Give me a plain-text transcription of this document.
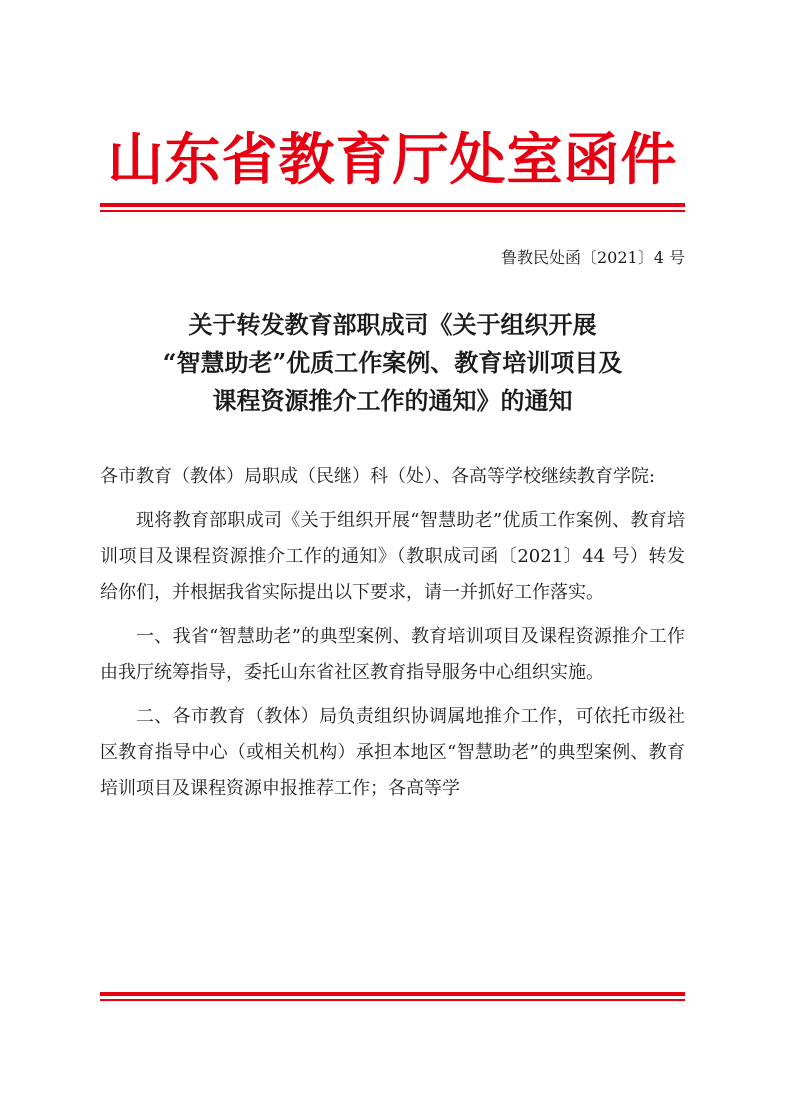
山东省教育厅处室函件
鲁教民处函〔2021〕4 号
关于转发教育部职成司《关于组织开展
“智慧助老”优质工作案例、教育培训项目及
课程资源推介工作的通知》的通知

各市教育（教体）局职成（民继）科（处）、各高等学校继续教育学院:

现将教育部职成司《关于组织开展“智慧助老”优质工作案例、教育培训项目及课程资源推介工作的通知》（教职成司函〔2021〕44 号）转发给你们，并根据我省实际提出以下要求，请一并抓好工作落实。

一、我省“智慧助老”的典型案例、教育培训项目及课程资源推介工作由我厅统筹指导，委托山东省社区教育指导服务中心组织实施。

二、各市教育（教体）局负责组织协调属地推介工作，可依托市级社区教育指导中心（或相关机构）承担本地区“智慧助老”的典型案例、教育培训项目及课程资源申报推荐工作；各高等学
